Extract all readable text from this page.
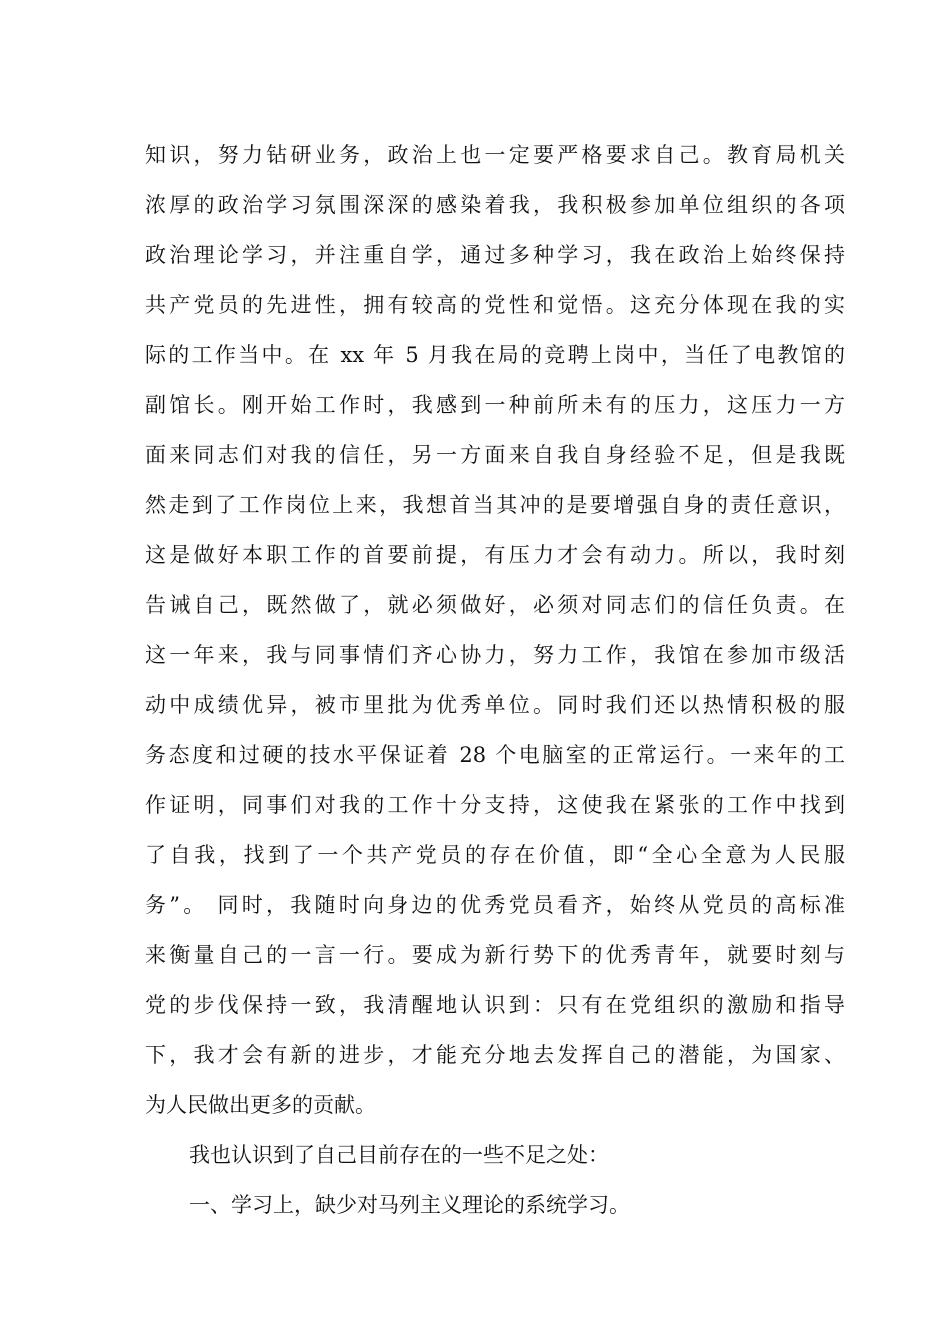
知识，努力钻研业务，政治上也一定要严格要求自己。教育局机关
浓厚的政治学习氛围深深的感染着我，我积极参加单位组织的各项
政治理论学习，并注重自学，通过多种学习，我在政治上始终保持
共产党员的先进性，拥有较高的党性和觉悟。这充分体现在我的实
际的工作当中。在 xx 年 5 月我在局的竞聘上岗中，当任了电教馆的
副馆长。刚开始工作时，我感到一种前所未有的压力，这压力一方
面来同志们对我的信任，另一方面来自我自身经验不足，但是我既
然走到了工作岗位上来，我想首当其冲的是要增强自身的责任意识，
这是做好本职工作的首要前提，有压力才会有动力。所以，我时刻
告诫自己，既然做了，就必须做好，必须对同志们的信任负责。在
这一年来，我与同事情们齐心协力，努力工作，我馆在参加市级活
动中成绩优异，被市里批为优秀单位。同时我们还以热情积极的服
务态度和过硬的技水平保证着 28 个电脑室的正常运行。一来年的工
作证明，同事们对我的工作十分支持，这使我在紧张的工作中找到
了自我，找到了一个共产党员的存在价值，即“全心全意为人民服
务”。 同时，我随时向身边的优秀党员看齐，始终从党员的高标准
来衡量自己的一言一行。要成为新行势下的优秀青年，就要时刻与
党的步伐保持一致，我清醒地认识到：只有在党组织的激励和指导
下，我才会有新的进步，才能充分地去发挥自己的潜能，为国家、
为人民做出更多的贡献。
我也认识到了自己目前存在的一些不足之处：
一、学习上，缺少对马列主义理论的系统学习。
